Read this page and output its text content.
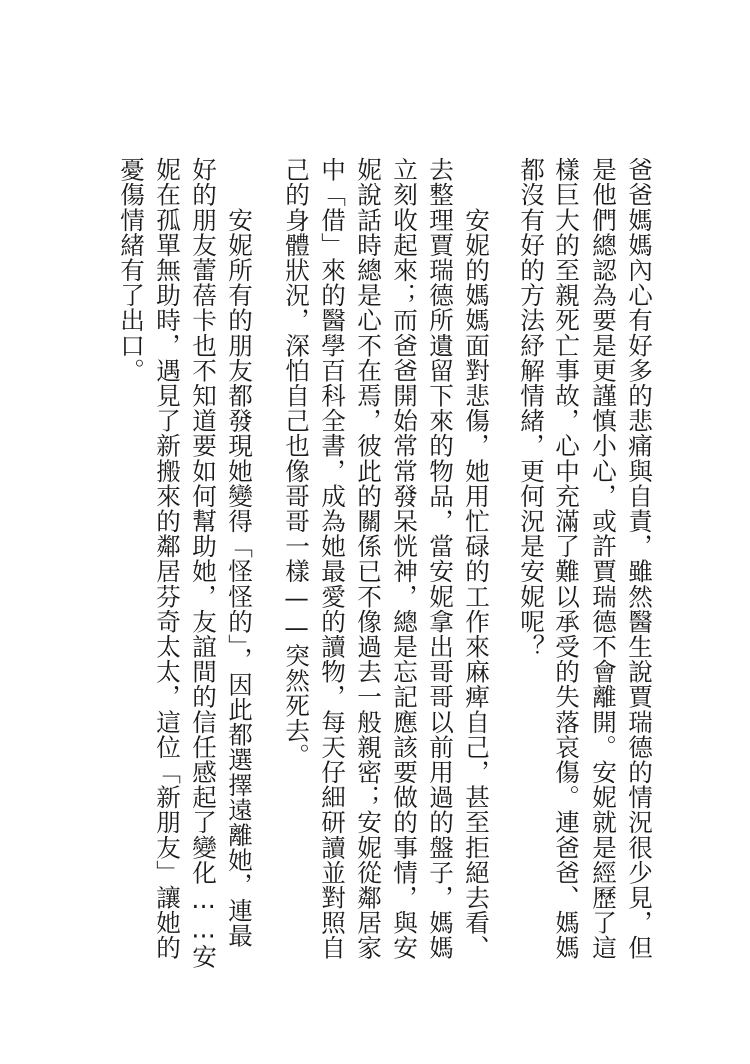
爸爸媽媽內心有好多的悲痛與自責，雖然醫生說賈瑞德的情況很少見，但
是他們總認為要是更謹慎小心，或許賈瑞德不會離開。安妮就是經歷了這
樣巨大的至親死亡事故，心中充滿了難以承受的失落哀傷。連爸爸、媽媽
都沒有好的方法紓解情緒，更何況是安妮呢？
　　安妮的媽媽面對悲傷，她用忙碌的工作來麻痺自己，甚至拒絕去看、
去整理賈瑞德所遺留下來的物品，當安妮拿出哥哥以前用過的盤子，媽媽
立刻收起來；而爸爸開始常常發呆恍神，總是忘記應該要做的事情，與安
妮說話時總是心不在焉，彼此的關係已不像過去一般親密；安妮從鄰居家
中「借」來的醫學百科全書，成為她最愛的讀物，每天仔細研讀並對照自
己的身體狀況，深怕自己也像哥哥一樣——突然死去。
　　安妮所有的朋友都發現她變得「怪怪的」，因此都選擇遠離她，連最
好的朋友蕾蓓卡也不知道要如何幫助她，友誼間的信任感起了變化……安
妮在孤單無助時，遇見了新搬來的鄰居芬奇太太，這位「新朋友」讓她的
憂傷情緒有了出口。
